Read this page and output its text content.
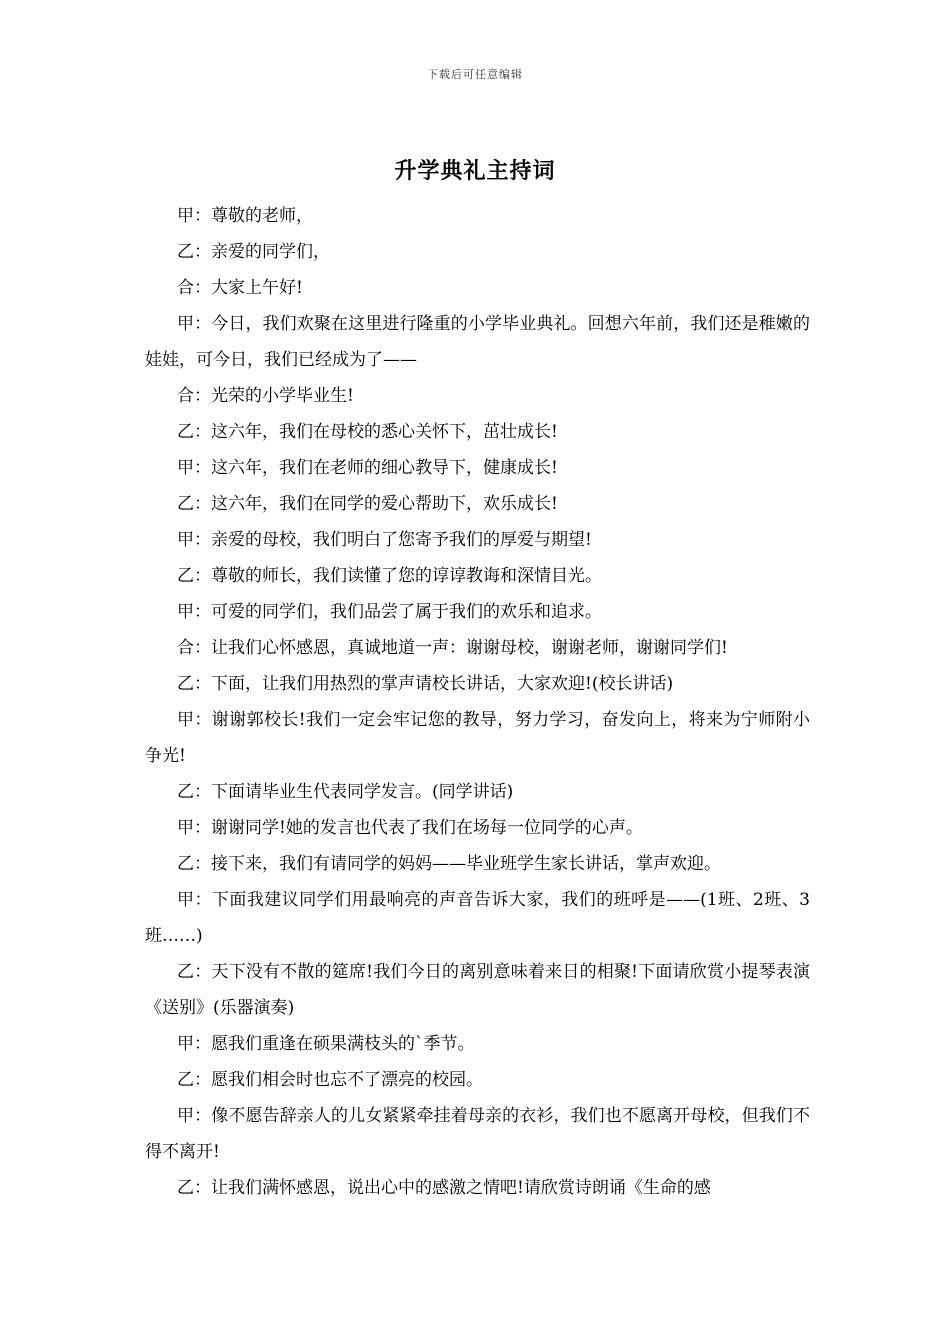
下载后可任意编辑
升学典礼主持词

甲：尊敬的老师，

乙：亲爱的同学们，

合：大家上午好!

甲：今日，我们欢聚在这里进行隆重的小学毕业典礼。回想六年前，我们还是稚嫩的娃娃，可今日，我们已经成为了——

合：光荣的小学毕业生!

乙：这六年，我们在母校的悉心关怀下，茁壮成长!

甲：这六年，我们在老师的细心教导下，健康成长!

乙：这六年，我们在同学的爱心帮助下，欢乐成长!

甲：亲爱的母校，我们明白了您寄予我们的厚爱与期望!

乙：尊敬的师长，我们读懂了您的谆谆教诲和深情目光。

甲：可爱的同学们，我们品尝了属于我们的欢乐和追求。

合：让我们心怀感恩，真诚地道一声：谢谢母校，谢谢老师，谢谢同学们!

乙：下面，让我们用热烈的掌声请校长讲话，大家欢迎!(校长讲话)

甲：谢谢郭校长!我们一定会牢记您的教导，努力学习，奋发向上，将来为宁师附小争光!

乙：下面请毕业生代表同学发言。(同学讲话)

甲：谢谢同学!她的发言也代表了我们在场每一位同学的心声。

乙：接下来，我们有请同学的妈妈——毕业班学生家长讲话，掌声欢迎。

甲：下面我建议同学们用最响亮的声音告诉大家，我们的班呼是——(1班、2班、3班……)

乙：天下没有不散的筵席!我们今日的离别意味着来日的相聚!下面请欣赏小提琴表演《送别》(乐器演奏)

甲：愿我们重逢在硕果满枝头的`季节。

乙：愿我们相会时也忘不了漂亮的校园。

甲：像不愿告辞亲人的儿女紧紧牵挂着母亲的衣衫，我们也不愿离开母校，但我们不得不离开!

乙：让我们满怀感恩，说出心中的感激之情吧!请欣赏诗朗诵《生命的感
